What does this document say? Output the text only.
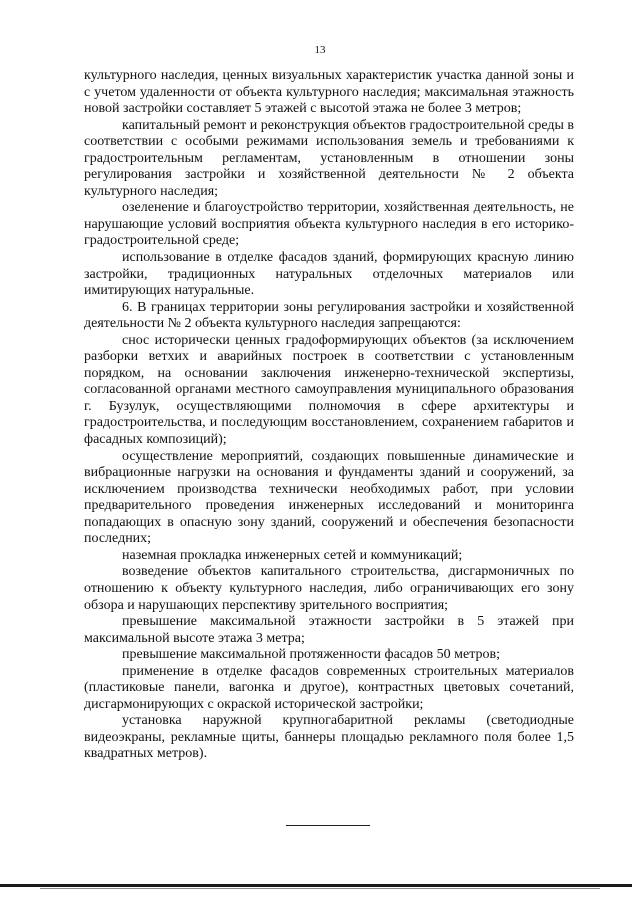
13

культурного наследия, ценных визуальных характеристик участка данной зоны и с учетом удаленности от объекта культурного наследия; максимальная этажность новой застройки составляет 5 этажей с высотой этажа не более 3 метров;

капитальный ремонт и реконструкция объектов градостроительной среды в соответствии с особыми режимами использования земель и требованиями к градостроительным регламентам, установленным в отношении зоны регулирования застройки и хозяйственной деятельности № 2 объекта культурного наследия;

озеленение и благоустройство территории, хозяйственная деятельность, не нарушающие условий восприятия объекта культурного наследия в его историко-градостроительной среде;

использование в отделке фасадов зданий, формирующих красную линию застройки, традиционных натуральных отделочных материалов или имитирующих натуральные.

6. В границах территории зоны регулирования застройки и хозяйственной деятельности № 2 объекта культурного наследия запрещаются:

снос исторически ценных градоформирующих объектов (за исключением разборки ветхих и аварийных построек в соответствии с установленным порядком, на основании заключения инженерно-технической экспертизы, согласованной органами местного самоуправления муниципального образования г. Бузулук, осуществляющими полномочия в сфере архитектуры и градостроительства, и последующим восстановлением, сохранением габаритов и фасадных композиций);

осуществление мероприятий, создающих повышенные динамические и вибрационные нагрузки на основания и фундаменты зданий и сооружений, за исключением производства технически необходимых работ, при условии предварительного проведения инженерных исследований и мониторинга попадающих в опасную зону зданий, сооружений и обеспечения безопасности последних;

наземная прокладка инженерных сетей и коммуникаций;

возведение объектов капитального строительства, дисгармоничных по отношению к объекту культурного наследия, либо ограничивающих его зону обзора и нарушающих перспективу зрительного восприятия;

превышение максимальной этажности застройки в 5 этажей при максимальной высоте этажа 3 метра;

превышение максимальной протяженности фасадов 50 метров;

применение в отделке фасадов современных строительных материалов (пластиковые панели, вагонка и другое), контрастных цветовых сочетаний, дисгармонирующих с окраской исторической застройки;

установка наружной крупногабаритной рекламы (светодиодные видеоэкраны, рекламные щиты, баннеры площадью рекламного поля более 1,5 квадратных метров).
